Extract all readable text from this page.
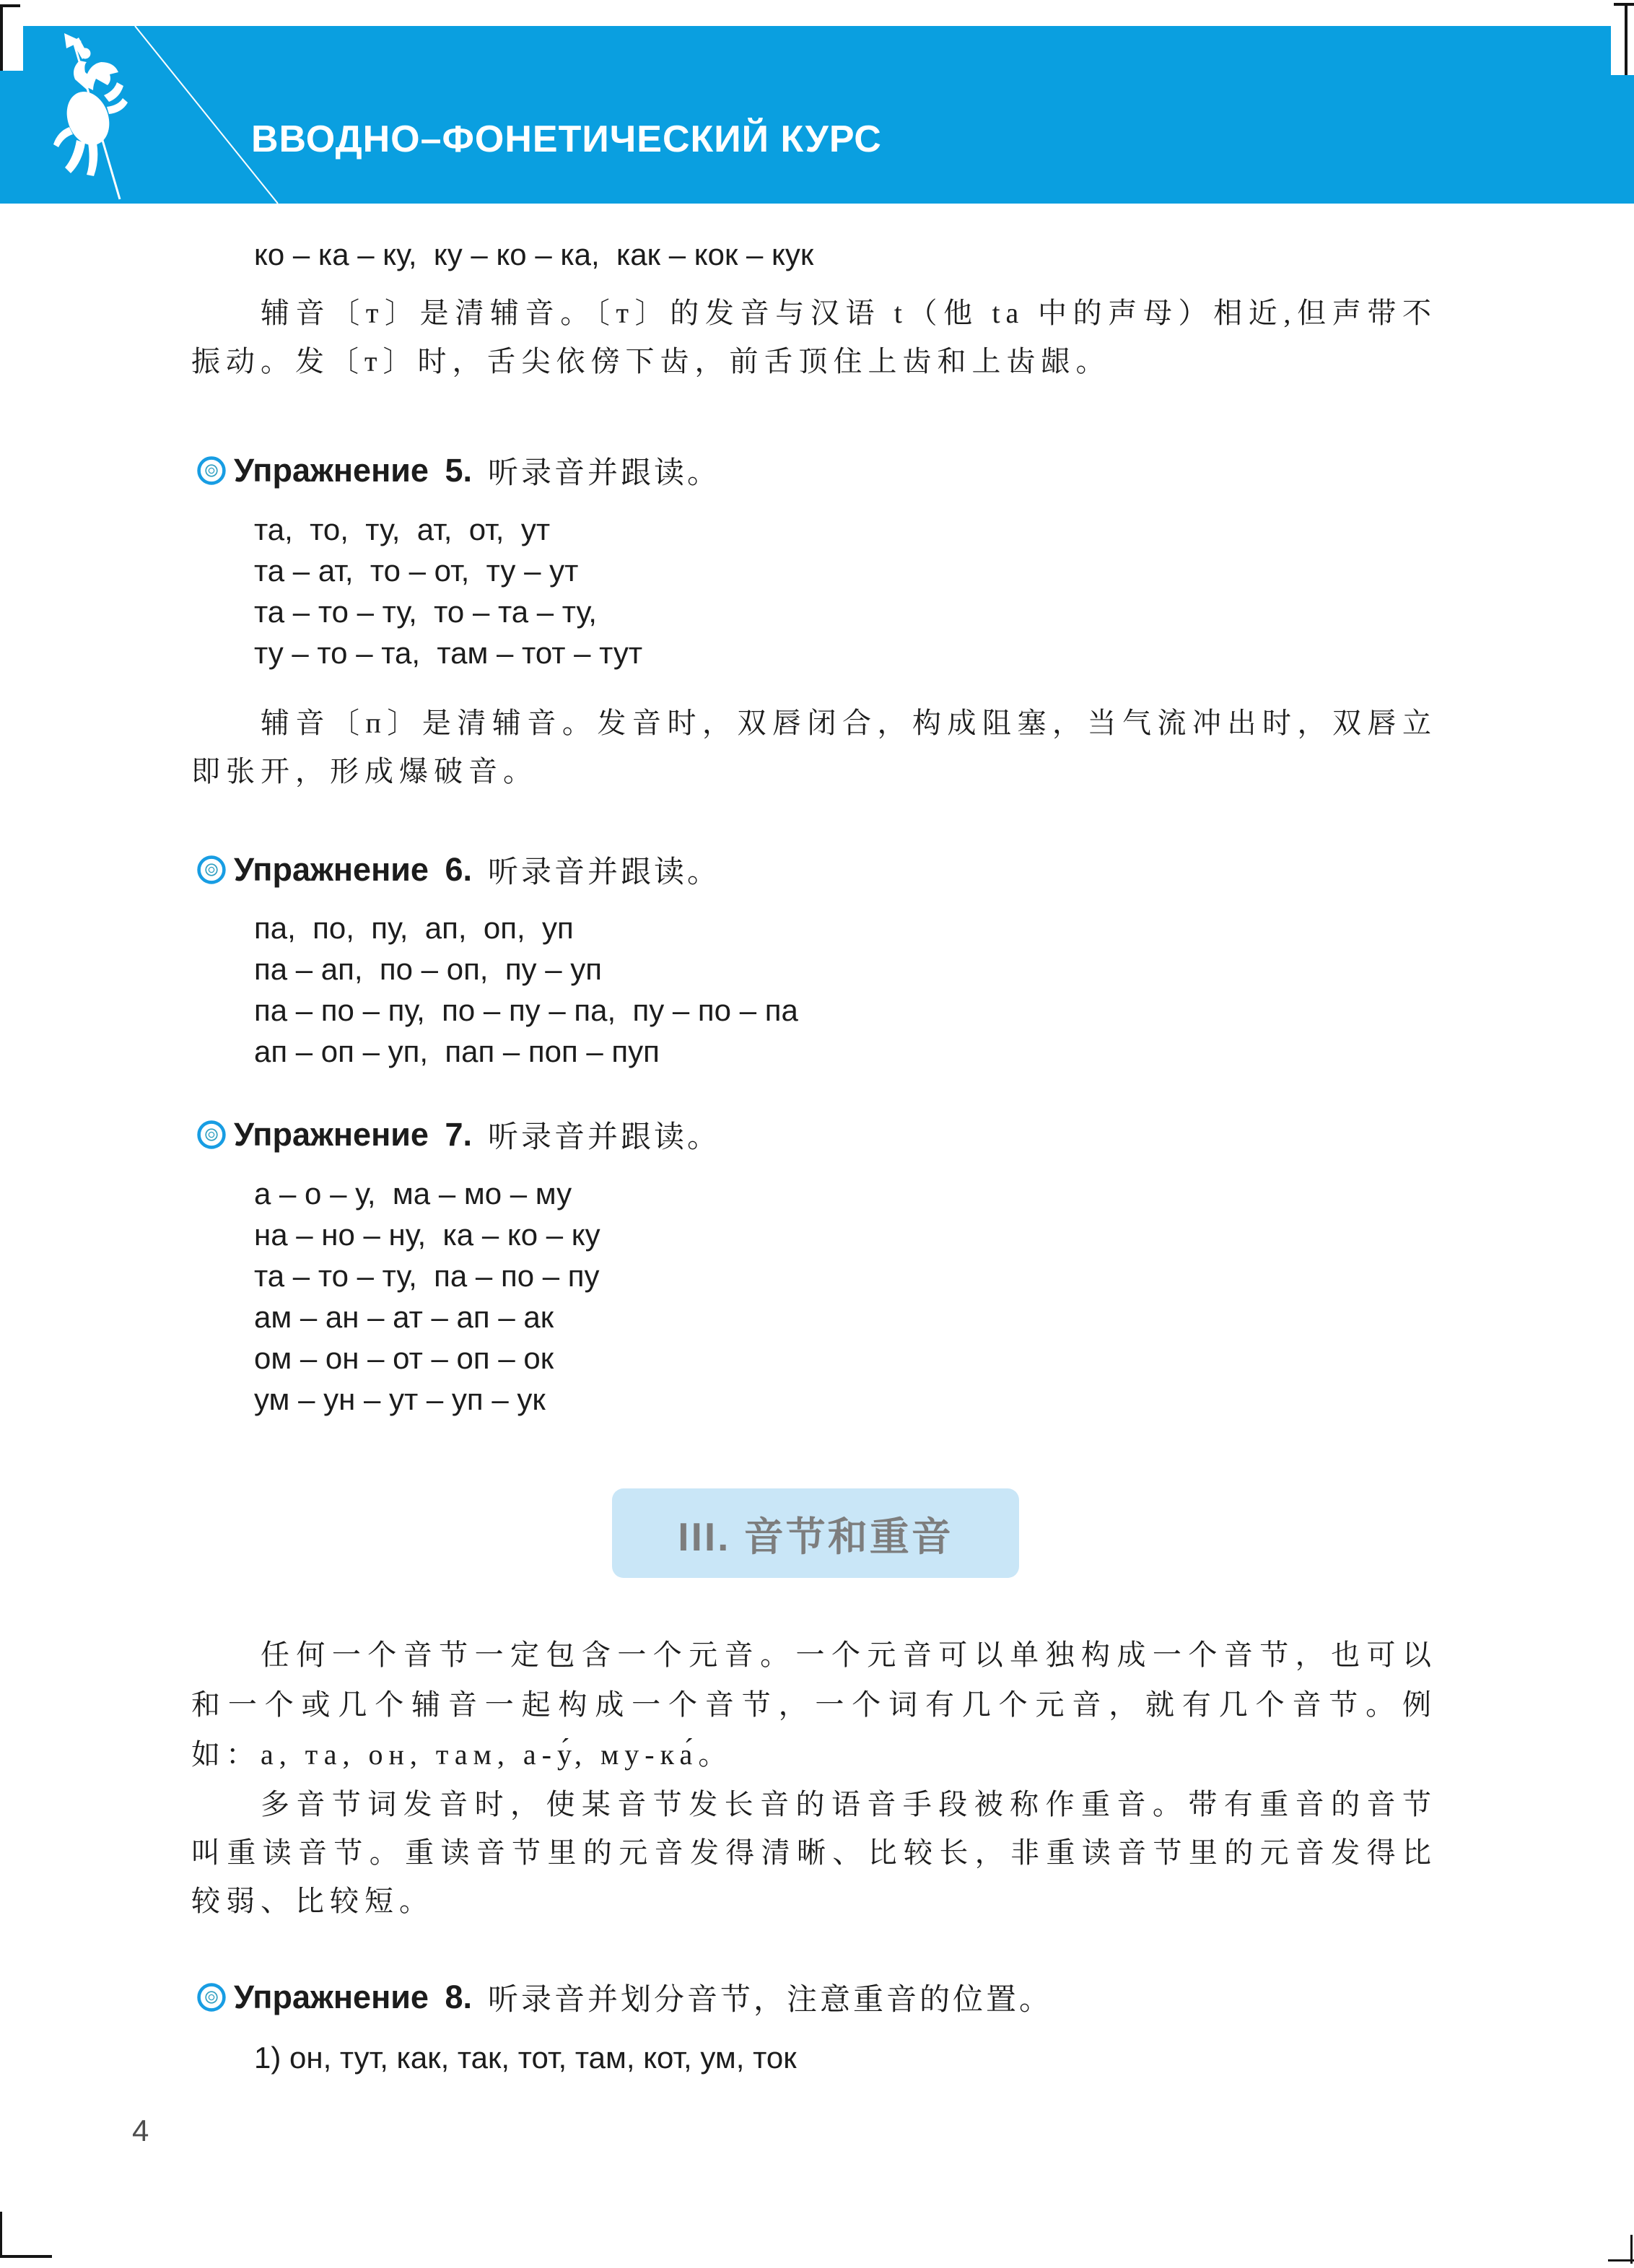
ВВОДНО–ФОНЕТИЧЕСКИЙ КУРС
ко – ка – ку,  ку – ко – ка,  как – кок – кук

辅音〔т〕是清辅音。〔т〕的发音与汉语 t（他 ta 中的声母）相近,但声带不振动。发〔т〕时，舌尖依傍下齿，前舌顶住上齿和上齿龈。

Упражнение 5. 听录音并跟读。
та,  то,  ту,  ат,  от,  ут
та – ат,  то – от,  ту – ут
та – то – ту,  то – та – ту,
ту – то – та,  там – тот – тут

辅音〔п〕是清辅音。发音时，双唇闭合，构成阻塞，当气流冲出时，双唇立即张开，形成爆破音。

Упражнение 6. 听录音并跟读。
па,  по,  пу,  ап,  оп,  уп
па – ап,  по – оп,  пу – уп
па – по – пу,  по – пу – па,  пу – по – па
ап – оп – уп,  пап – поп – пуп
Упражнение 7. 听录音并跟读。
а – о – у,  ма – мо – му
на – но – ну,  ка – ко – ку
та – то – ту,  па – по – пу
ам – ан – ат – ап – ак
ом – он – от – оп – ок
ум – ун – ут – уп – ук
III. 音节和重音

任何一个音节一定包含一个元音。一个元音可以单独构成一个音节，也可以和一个或几个辅音一起构成一个音节，一个词有几个元音，就有几个音节。例如：а, та, он, там, а-у́, му-ка́。

多音节词发音时，使某音节发长音的语音手段被称作重音。带有重音的音节叫重读音节。重读音节里的元音发得清晰、比较长，非重读音节里的元音发得比较弱、比较短。

Упражнение 8. 听录音并划分音节，注意重音的位置。
1) он, тут, как, так, тот, там, кот, ум, ток
4
